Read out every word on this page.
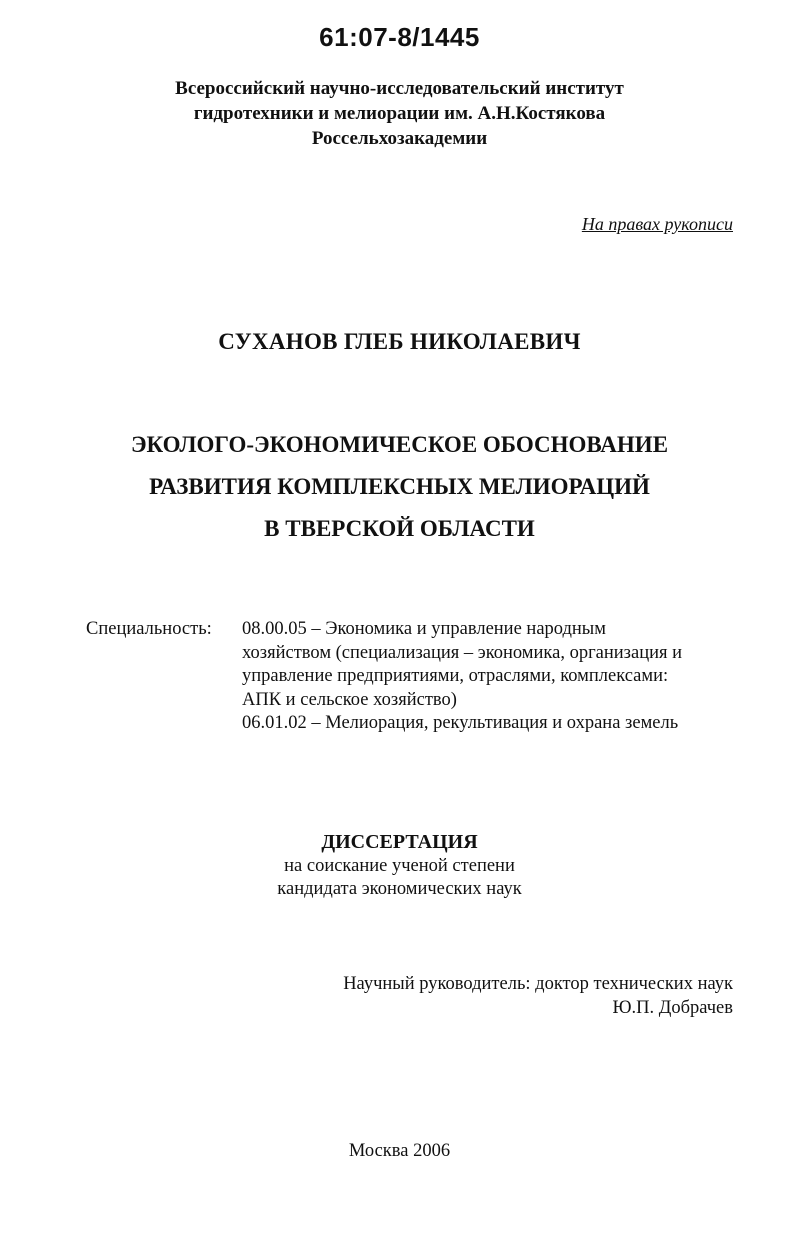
61:07-8/1445
Всероссийский научно-исследовательский институт
гидротехники и мелиорации им. А.Н.Костякова
Россельхозакадемии
На правах рукописи
СУХАНОВ ГЛЕБ НИКОЛАЕВИЧ
ЭКОЛОГО-ЭКОНОМИЧЕСКОЕ ОБОСНОВАНИЕ
РАЗВИТИЯ КОМПЛЕКСНЫХ МЕЛИОРАЦИЙ
В ТВЕРСКОЙ ОБЛАСТИ
Специальность: 08.00.05 – Экономика и управление народным
хозяйством (специализация – экономика, организация и
управление предприятиями, отраслями, комплексами:
АПК и сельское хозяйство)
06.01.02 – Мелиорация, рекультивация и охрана земель
ДИССЕРТАЦИЯ
на соискание ученой степени
кандидата экономических наук
Научный руководитель: доктор технических наук
Ю.П. Добрачев
Москва 2006
